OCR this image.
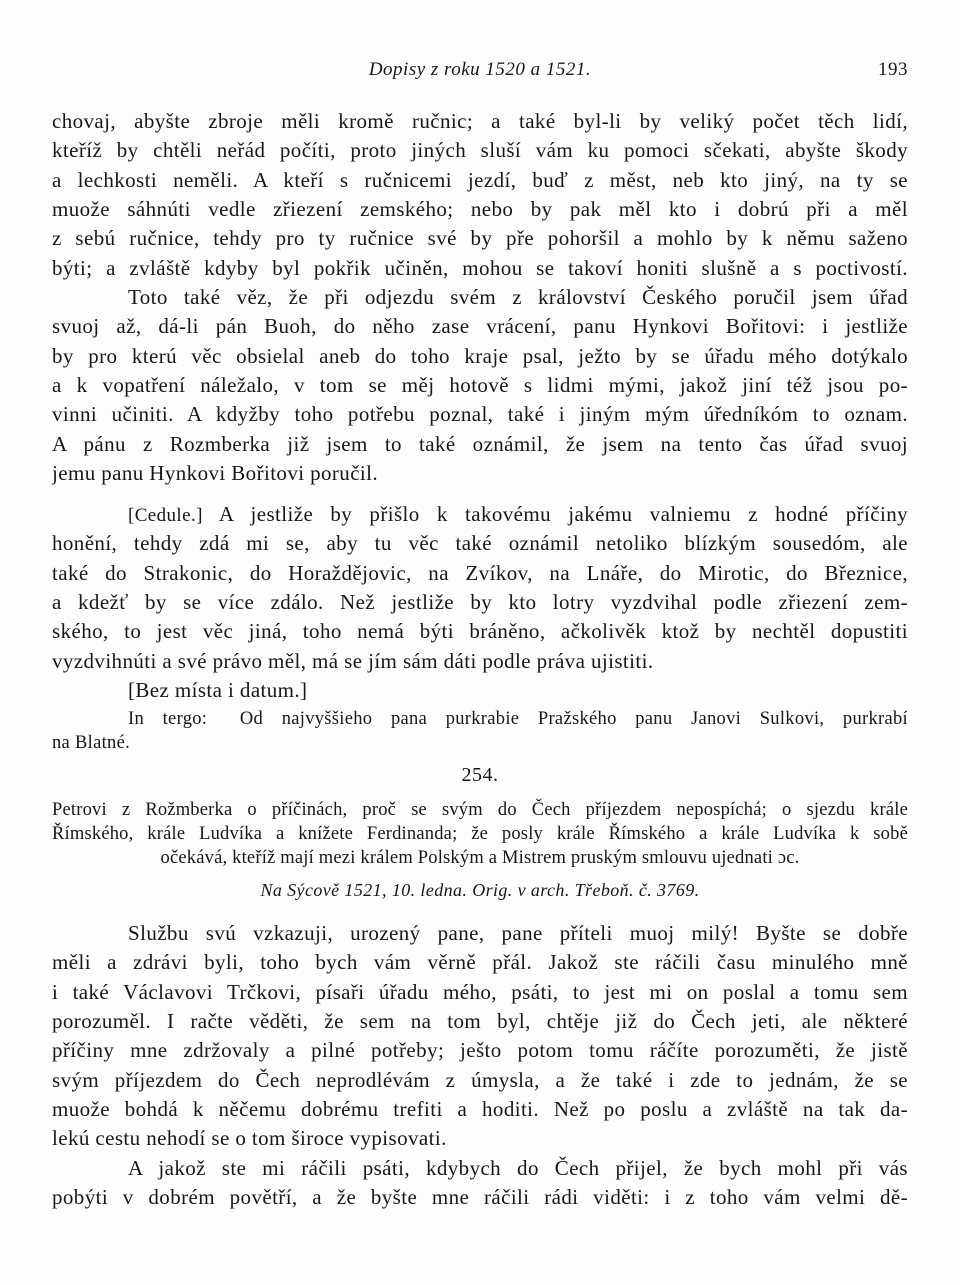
Dopisy z roku 1520 a 1521.	193
chovaj, abyšte zbroje měli kromě ručnic; a také byl-li by veliký počet těch lidí,
kteříž by chtěli neřád počíti, proto jiných sluší vám ku pomoci sčekati, abyšte škody
a lechkosti neměli. A kteří s ručnicemi jezdí, buď z měst, neb kto jiný, na ty se
muože sáhnúti vedle zřiezení zemského; nebo by pak měl kto i dobrú při a měl
z sebú ručnice, tehdy pro ty ručnice své by pře pohoršil a mohlo by k němu saženo
býti; a zvláště kdyby byl pokřik učiněn, mohou se takoví honiti slušně a s poctivostí.
Toto také věz, že při odjezdu svém z království Českého poručil jsem úřad
svuoj až, dá-li pán Buoh, do něho zase vrácení, panu Hynkovi Bořitovi: i jestliže
by pro kterú věc obsielal aneb do toho kraje psal, ježto by se úřadu mého dotýkalo
a k vopatření náležalo, v tom se měj hotově s lidmi mými, jakož jiní též jsou po-
vinni učiniti. A kdyžby toho potřebu poznal, také i jiným mým úředníkóm to oznam.
A pánu z Rozmberka již jsem to také oznámil, že jsem na tento čas úřad svuoj
jemu panu Hynkovi Bořitovi poručil.
[Cedule.] A jestliže by přišlo k takovému jakému valniemu z hodné příčiny
honění, tehdy zdá mi se, aby tu věc také oznámil netoliko blízkým sousedóm, ale
také do Strakonic, do Horaždějovic, na Zvíkov, na Lnáře, do Mirotic, do Březnice,
a kdežť by se více zdálo. Než jestliže by kto lotry vyzdvihal podle zřiezení zem-
ského, to jest věc jiná, toho nemá býti bráněno, ačkolivěk ktož by nechtěl dopustiti
vyzdvihnúti a své právo měl, má se jím sám dáti podle práva ujistiti.
[Bez místa i datum.]
In tergo: Od najvyššieho pana purkrabie Pražského panu Janovi Sulkovi, purkrabí
na Blatné.
254.
Petrovi z Rožmberka o příčinách, proč se svým do Čech příjezdem nepospíchá; o sjezdu krále
Římského, krále Ludvíka a knížete Ferdinanda; že posly krále Římského a krále Ludvíka k sobě
očekává, kteříž mají mezi králem Polským a Mistrem pruským smlouvu ujednati ɔc.
Na Sýcově 1521, 10. ledna. Orig. v arch. Třeboň. č. 3769.
Službu svú vzkazuji, urozený pane, pane příteli muoj milý! Byšte se dobře
měli a zdrávi byli, toho bych vám věrně přál. Jakož ste ráčili času minulého mně
i také Václavovi Trčkovi, písaři úřadu mého, psáti, to jest mi on poslal a tomu sem
porozuměl. I račte věděti, že sem na tom byl, chtěje již do Čech jeti, ale některé
příčiny mne zdržovaly a pilné potřeby; ješto potom tomu ráčíte porozuměti, že jistě
svým příjezdem do Čech neprodlévám z úmysla, a že také i zde to jednám, že se
muože bohdá k něčemu dobrému trefiti a hoditi. Než po poslu a zvláště na tak da-
lekú cestu nehodí se o tom široce vypisovati.
A jakož ste mi ráčili psáti, kdybych do Čech přijel, že bych mohl při vás
pobýti v dobrém povětří, a že byšte mne ráčili rádi viděti: i z toho vám velmi dě-
